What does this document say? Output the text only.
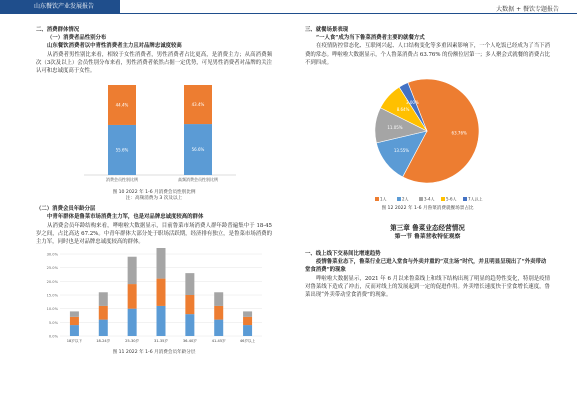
山东餐饮产业发展报告	大数据 + 餐饮专题报告

二、消费群体情况

（一）消费者品性别分布

山东餐饮消费者以中青性消费者主力且对品牌忠诚度较高

从消费者男性别比来看，相较于女性消费者，男性消费者占比更高，是消费主力；从高消费频次（3次及以上）会员性别分布来看，男性消费者依然占据一定优势，可见男性消费者对品牌的关注认可和忠诚度高于女性。

55.6%
44.4%
消费会员性别比例
56.6%
43.4%
高频消费会员性别比例

图 10 2022 年 1-6 月消费会员性别比例

注：高频消费为 3 次及以上

（二）消费会员年龄分层

中青年群体是鲁菜市场消费主力军，也是对品牌忠诚度较高的群体

从消费会员年龄结构来看，哗啦啦大数据显示，目前鲁菜市场消费人群年龄普遍集中于 18-45 岁之间，占比高达 67.2%。中青年群体大部分处于职场活跃期，经济排有独立，是鲁菜市场消费的主力军，同时也是对品牌忠诚度较高的群体。

0.0%
5.0%
10.0%
15.0%
20.0%
25.0%
30.0%
18岁以下	18-24岁	25-30岁	31-35岁	36-40岁	41-45岁	46岁以上

图 11 2022 年 1-6 月消费会员年龄分层

三、就餐场景表现

“一人食”成为当下鲁菜消费者主要的就餐方式

在疫情防控常态化、互联网兴起、人口结构变化等多重因素影响下，一个人吃饭已经成为了当下消费的常态。哗啦啦大数据显示，个人鲁菜消费占 63.76% 的份额位居第一；多人聚会式就餐的消费占比不到四成。

63.76%
13.55%
11.05%
8.64%
3.00%
1人	2人	3-4人	5-6人	7人以上

图 12 2022 年 1-6 月鲁菜消费就餐场景占比

第三章 鲁菜业态经营情况

第一节 鲁菜营收特征观察

一、线上线下交易间比增速趋势

疫情鲁菜业态下，鲁菜行业已进入堂食与外卖并重的“双主场”时代，并且明显呈现出了“外卖带动堂食消费”的现象

哗啦啦大数据显示，2021 年 6 月以来鲁菜线上和线下结构出现了明显的趋势性变化，特别是疫情对鲁菜线下造成了冲击，反而对线上的发展起到一定的促进作用。外卖增长速度快于堂食增长速度，鲁菜出现“外卖带动堂食消费”的现象。
